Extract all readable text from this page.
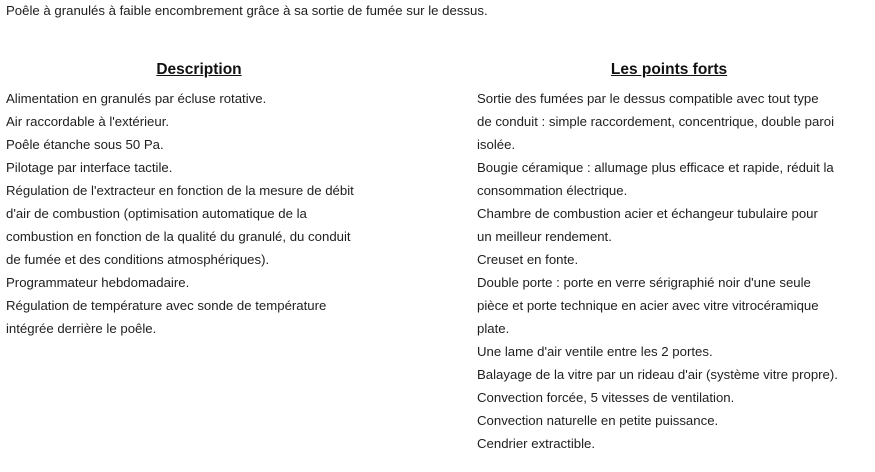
Poêle à granulés à faible encombrement grâce à sa sortie de fumée sur le dessus.
Description
Alimentation en granulés par écluse rotative.
Air raccordable à l'extérieur.
Poêle étanche sous 50 Pa.
Pilotage par interface tactile.
Régulation de l'extracteur en fonction de la mesure de débit
d'air de combustion (optimisation automatique de la
combustion en fonction de la qualité du granulé, du conduit
de fumée et des conditions atmosphériques).
Programmateur hebdomadaire.
Régulation de température avec sonde de température
intégrée derrière le poêle.
Les points forts
Sortie des fumées par le dessus compatible avec tout type
de conduit : simple raccordement, concentrique, double paroi
isolée.
Bougie céramique : allumage plus efficace et rapide, réduit la
consommation électrique.
Chambre de combustion acier et échangeur tubulaire pour
un meilleur rendement.
Creuset en fonte.
Double porte : porte en verre sérigraphié noir d'une seule
pièce et porte technique en acier avec vitre vitrocéramique
plate.
Une lame d'air ventile entre les 2 portes.
Balayage de la vitre par un rideau d'air (système vitre propre).
Convection forcée, 5 vitesses de ventilation.
Convection naturelle en petite puissance.
Cendrier extractible.
